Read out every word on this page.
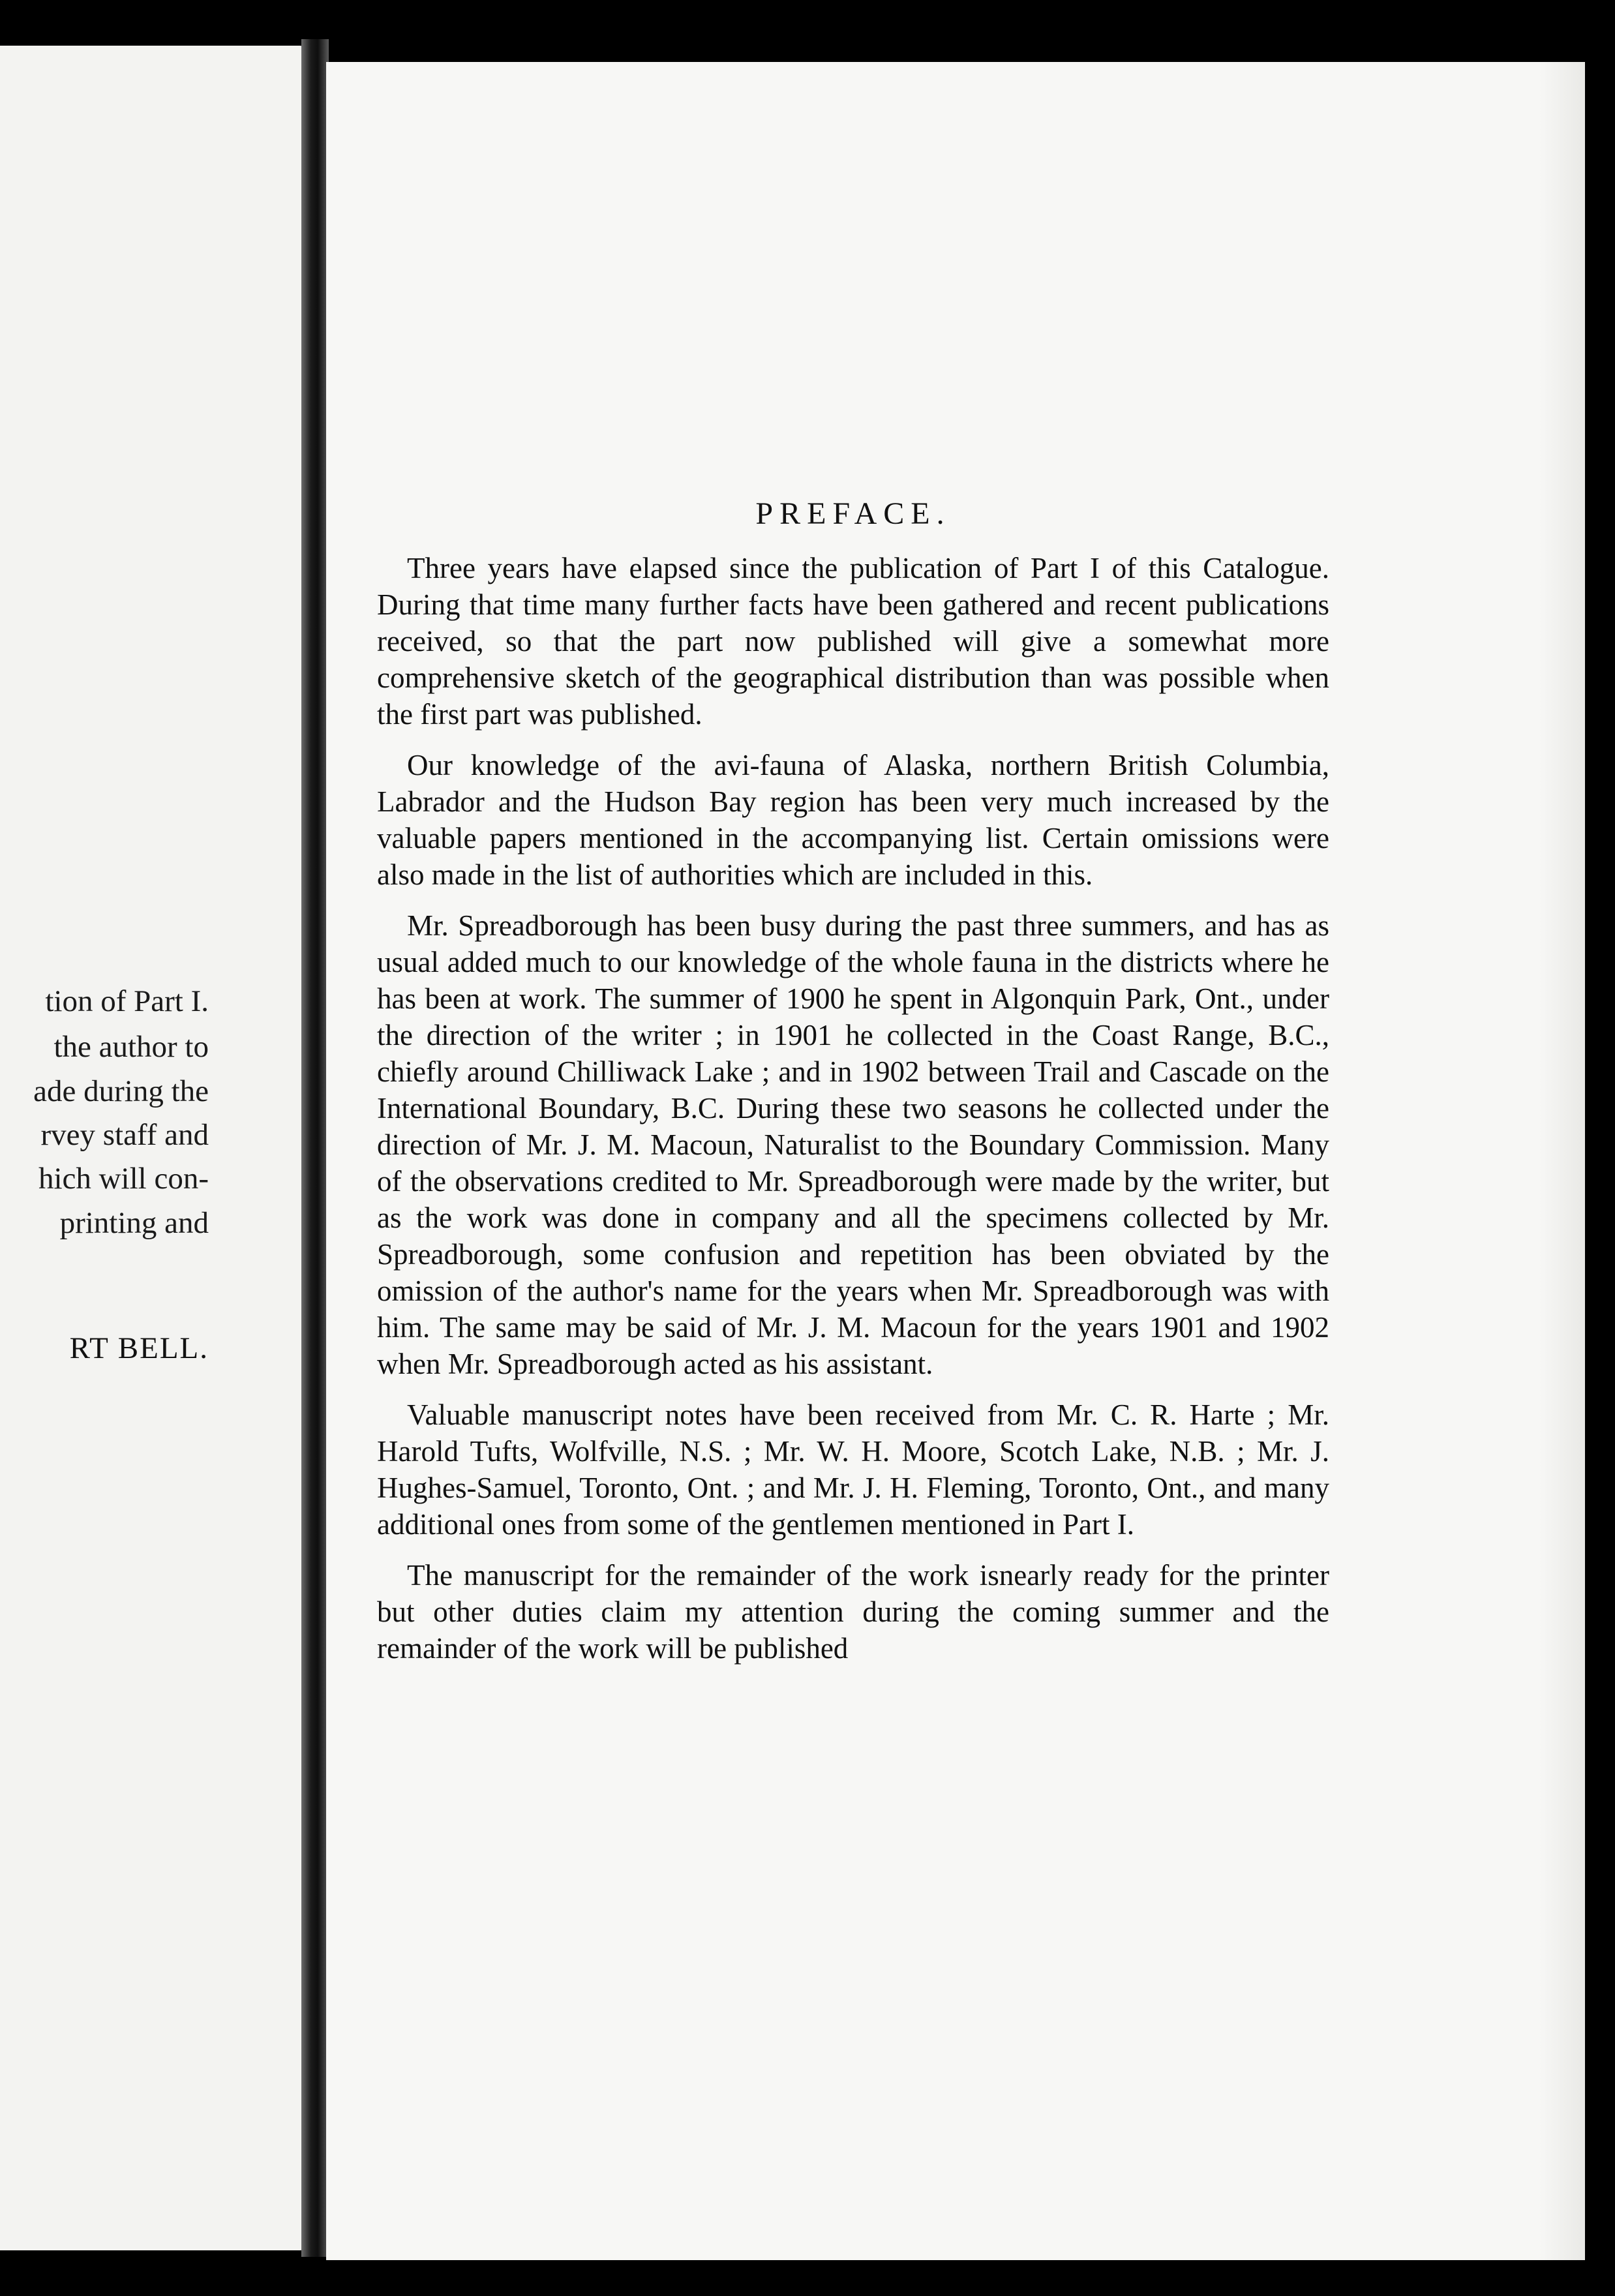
tion of Part I.
the author to
ade during the
rvey staff and
hich will con-
printing and
RT BELL.
PREFACE.

Three years have elapsed since the publication of Part I of this Catalogue. During that time many further facts have been gathered and recent publications received, so that the part now published will give a somewhat more comprehensive sketch of the geographical distribution than was possible when the first part was published.

Our knowledge of the avi-fauna of Alaska, northern British Columbia, Labrador and the Hudson Bay region has been very much increased by the valuable papers mentioned in the accompanying list. Certain omissions were also made in the list of authorities which are included in this.

Mr. Spreadborough has been busy during the past three summers, and has as usual added much to our knowledge of the whole fauna in the districts where he has been at work. The summer of 1900 he spent in Algonquin Park, Ont., under the direction of the writer ; in 1901 he collected in the Coast Range, B.C., chiefly around Chilliwack Lake ; and in 1902 between Trail and Cascade on the International Boundary, B.C. During these two seasons he collected under the direction of Mr. J. M. Macoun, Naturalist to the Boundary Commission. Many of the observations credited to Mr. Spreadborough were made by the writer, but as the work was done in company and all the specimens collected by Mr. Spreadborough, some confusion and repetition has been obviated by the omission of the author's name for the years when Mr. Spreadborough was with him. The same may be said of Mr. J. M. Macoun for the years 1901 and 1902 when Mr. Spreadborough acted as his assistant.

Valuable manuscript notes have been received from Mr. C. R. Harte ; Mr. Harold Tufts, Wolfville, N.S. ; Mr. W. H. Moore, Scotch Lake, N.B. ; Mr. J. Hughes-Samuel, Toronto, Ont. ; and Mr. J. H. Fleming, Toronto, Ont., and many additional ones from some of the gentlemen mentioned in Part I.

The manuscript for the remainder of the work isnearly ready for the printer but other duties claim my attention during the coming summer and the remainder of the work will be published
